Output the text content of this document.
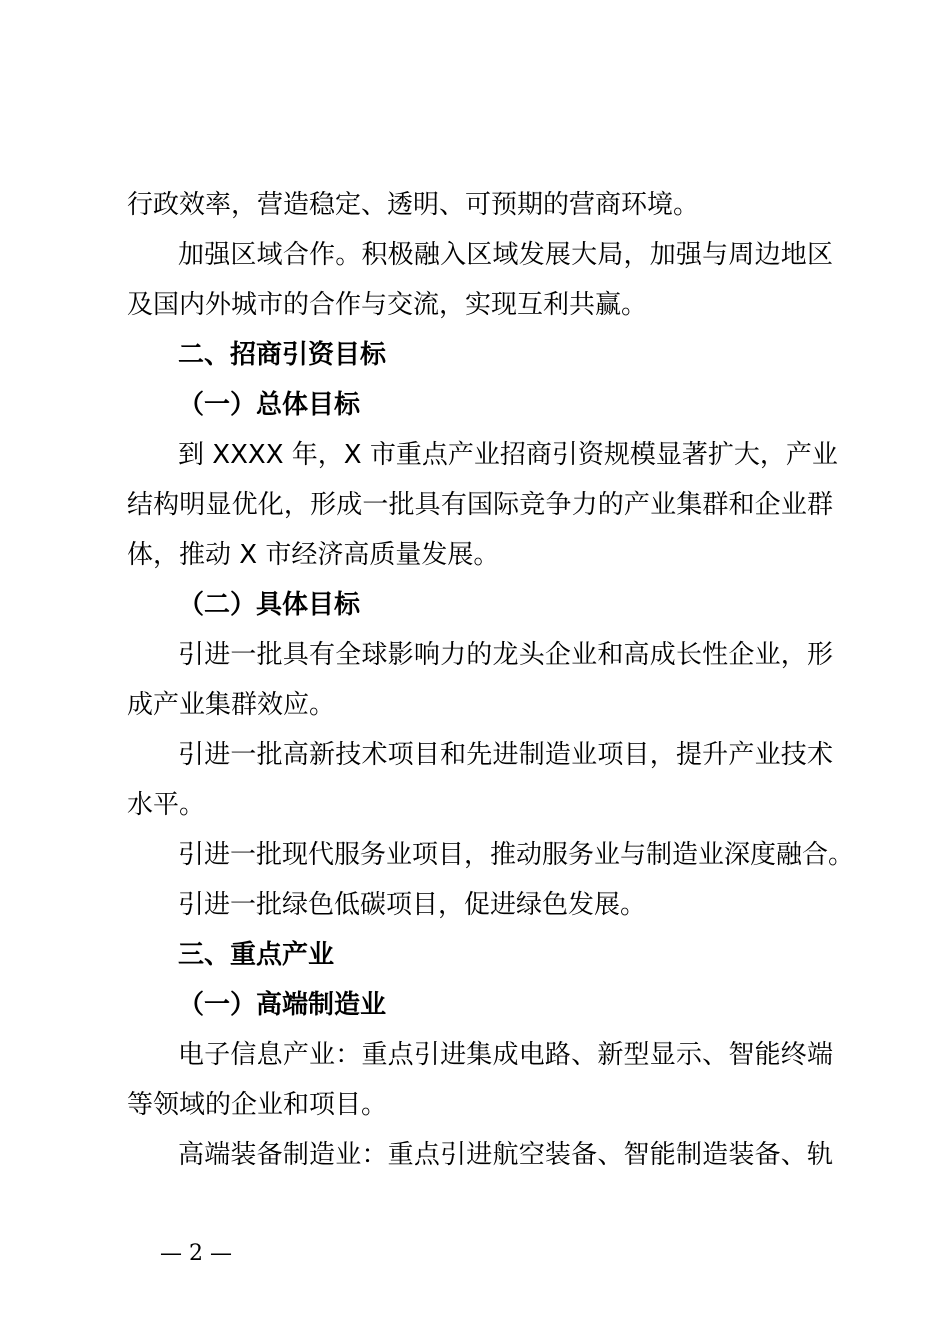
行政效率，营造稳定、透明、可预期的营商环境。
加强区域合作。积极融入区域发展大局，加强与周边地区
及国内外城市的合作与交流，实现互利共赢。
二、招商引资目标
（一）总体目标
到 XXXX 年，X 市重点产业招商引资规模显著扩大，产业
结构明显优化，形成一批具有国际竞争力的产业集群和企业群
体，推动 X 市经济高质量发展。
（二）具体目标
引进一批具有全球影响力的龙头企业和高成长性企业，形
成产业集群效应。
引进一批高新技术项目和先进制造业项目，提升产业技术
水平。
引进一批现代服务业项目，推动服务业与制造业深度融合。
引进一批绿色低碳项目，促进绿色发展。
三、重点产业
（一）高端制造业
电子信息产业：重点引进集成电路、新型显示、智能终端
等领域的企业和项目。
高端装备制造业：重点引进航空装备、智能制造装备、轨
— 2 —
